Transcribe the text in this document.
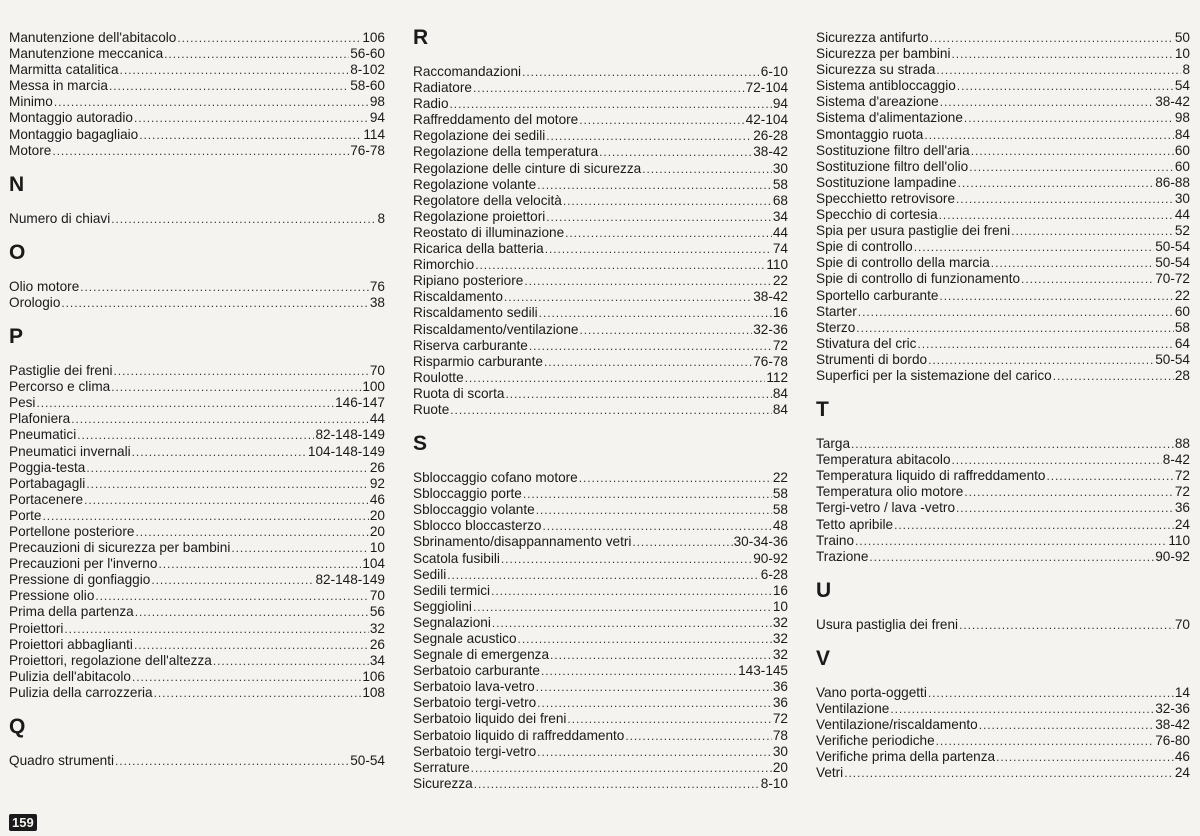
Manutenzione dell'abitacolo . . .	106
Manutenzione meccanica . . .	56-60
Marmitta catalitica . . .	8-102
Messa in marcia . . .	58-60
Minimo . . .	98
Montaggio autoradio . . .	94
Montaggio bagagliaio . . .	114
Motore . . .	76-78
N
Numero di chiavi . . .	8
O
Olio motore . . .	76
Orologio . . .	38
P
Pastiglie dei freni . . .	70
Percorso e clima . . .	100
Pesi . . .	146-147
Plafoniera . . .	44
Pneumatici . . .	82-148-149
Pneumatici invernali . . .	104-148-149
Poggia-testa . . .	26
Portabagagli . . .	92
Portacenere . . .	46
Porte . . .	20
Portellone posteriore . . .	20
Precauzioni di sicurezza per bambini . . .	10
Precauzioni per l'inverno . . .	104
Pressione di gonfiaggio . . .	82-148-149
Pressione olio . . .	70
Prima della partenza . . .	56
Proiettori . . .	32
Proiettori abbaglianti . . .	26
Proiettori, regolazione dell'altezza . . .	34
Pulizia dell'abitacolo . . .	106
Pulizia della carrozzeria . . .	108
Q
Quadro strumenti . . .	50-54
R
Raccomandazioni . . .	6-10
Radiatore . . .	72-104
Radio . . .	94
Raffreddamento del motore . . .	42-104
Regolazione dei sedili . . .	26-28
Regolazione della temperatura . . .	38-42
Regolazione delle cinture di sicurezza . . .	30
Regolazione volante . . .	58
Regolatore della velocità . . .	68
Regolazione proiettori . . .	34
Reostato di illuminazione . . .	44
Ricarica della batteria . . .	74
Rimorchio . . .	110
Ripiano posteriore . . .	22
Riscaldamento . . .	38-42
Riscaldamento sedili . . .	16
Riscaldamento/ventilazione . . .	32-36
Riserva carburante . . .	72
Risparmio carburante . . .	76-78
Roulotte . . .	112
Ruota di scorta . . .	84
Ruote . . .	84
S
Sbloccaggio cofano motore . . .	22
Sbloccaggio porte . . .	58
Sbloccaggio volante . . .	58
Sblocco bloccasterzo . . .	48
Sbrinamento/disappannamento vetri . . .	30-34-36
Scatola fusibili . . .	90-92
Sedili . . .	6-28
Sedili termici . . .	16
Seggiolini . . .	10
Segnalazioni . . .	32
Segnale acustico . . .	32
Segnale di emergenza . . .	32
Serbatoio carburante . . .	143-145
Serbatoio lava-vetro . . .	36
Serbatoio tergi-vetro . . .	36
Serbatoio liquido dei freni . . .	72
Serbatoio liquido di raffreddamento . . .	78
Serbatoio tergi-vetro . . .	30
Serrature . . .	20
Sicurezza . . .	8-10
Sicurezza antifurto . . .	50
Sicurezza per bambini . . .	10
Sicurezza su strada . . .	8
Sistema antibloccaggio . . .	54
Sistema d'areazione . . .	38-42
Sistema d'alimentazione . . .	98
Smontaggio ruota . . .	84
Sostituzione filtro dell'aria . . .	60
Sostituzione filtro dell'olio . . .	60
Sostituzione lampadine . . .	86-88
Specchietto retrovisore . . .	30
Specchio di cortesia . . .	44
Spia per usura pastiglie dei freni . . .	52
Spie di controllo . . .	50-54
Spie di controllo della marcia . . .	50-54
Spie di controllo di funzionamento . . .	70-72
Sportello carburante . . .	22
Starter . . .	60
Sterzo . . .	58
Stivatura del cric . . .	64
Strumenti di bordo . . .	50-54
Superfici per la sistemazione del carico . . .	28
T
Targa . . .	88
Temperatura abitacolo . . .	8-42
Temperatura liquido di raffreddamento . . .	72
Temperatura olio motore . . .	72
Tergi-vetro / lava -vetro . . .	36
Tetto apribile . . .	24
Traino . . .	110
Trazione . . .	90-92
U
Usura pastiglia dei freni . . .	70
V
Vano porta-oggetti . . .	14
Ventilazione . . .	32-36
Ventilazione/riscaldamento . . .	38-42
Verifiche periodiche . . .	76-80
Verifiche prima della partenza . . .	46
Vetri . . .	24
159
